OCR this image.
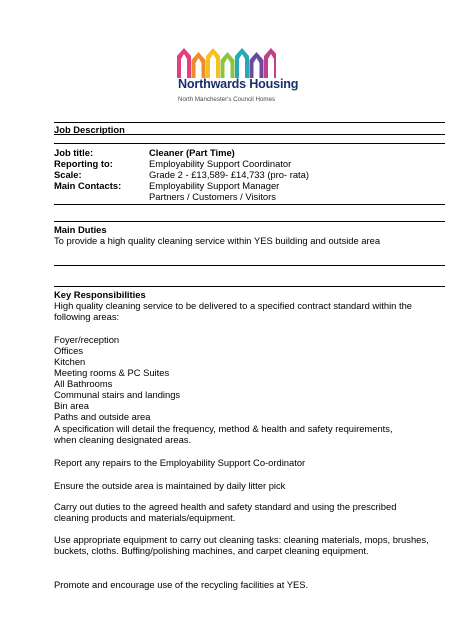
Northwards Housing
North Manchester's Council Homes
Job Description
Job title:	Cleaner (Part Time)
Reporting to:	Employability Support Coordinator
Scale:	Grade 2 - £13,589- £14,733 (pro- rata)
Main Contacts:	Employability Support Manager
Partners / Customers / Visitors
Main Duties

To provide a high quality cleaning service within YES building and outside area

Key Responsibilities

High quality cleaning service to be delivered to a specified contract standard within the following areas:

Foyer/reception
Offices
Kitchen
Meeting rooms & PC Suites
All Bathrooms
Communal stairs and landings
Bin area
Paths and outside area

A specification will detail the frequency, method & health and safety requirements, when cleaning designated areas.

Report any repairs to the Employability Support Co-ordinator

Ensure the outside area is maintained by daily litter pick

Carry out duties to the agreed health and safety standard and using the prescribed cleaning products and materials/equipment.

Use appropriate equipment to carry out cleaning tasks: cleaning materials, mops, brushes, buckets, cloths. Buffing/polishing machines, and carpet cleaning equipment.

Promote and encourage use of the recycling facilities at YES.
